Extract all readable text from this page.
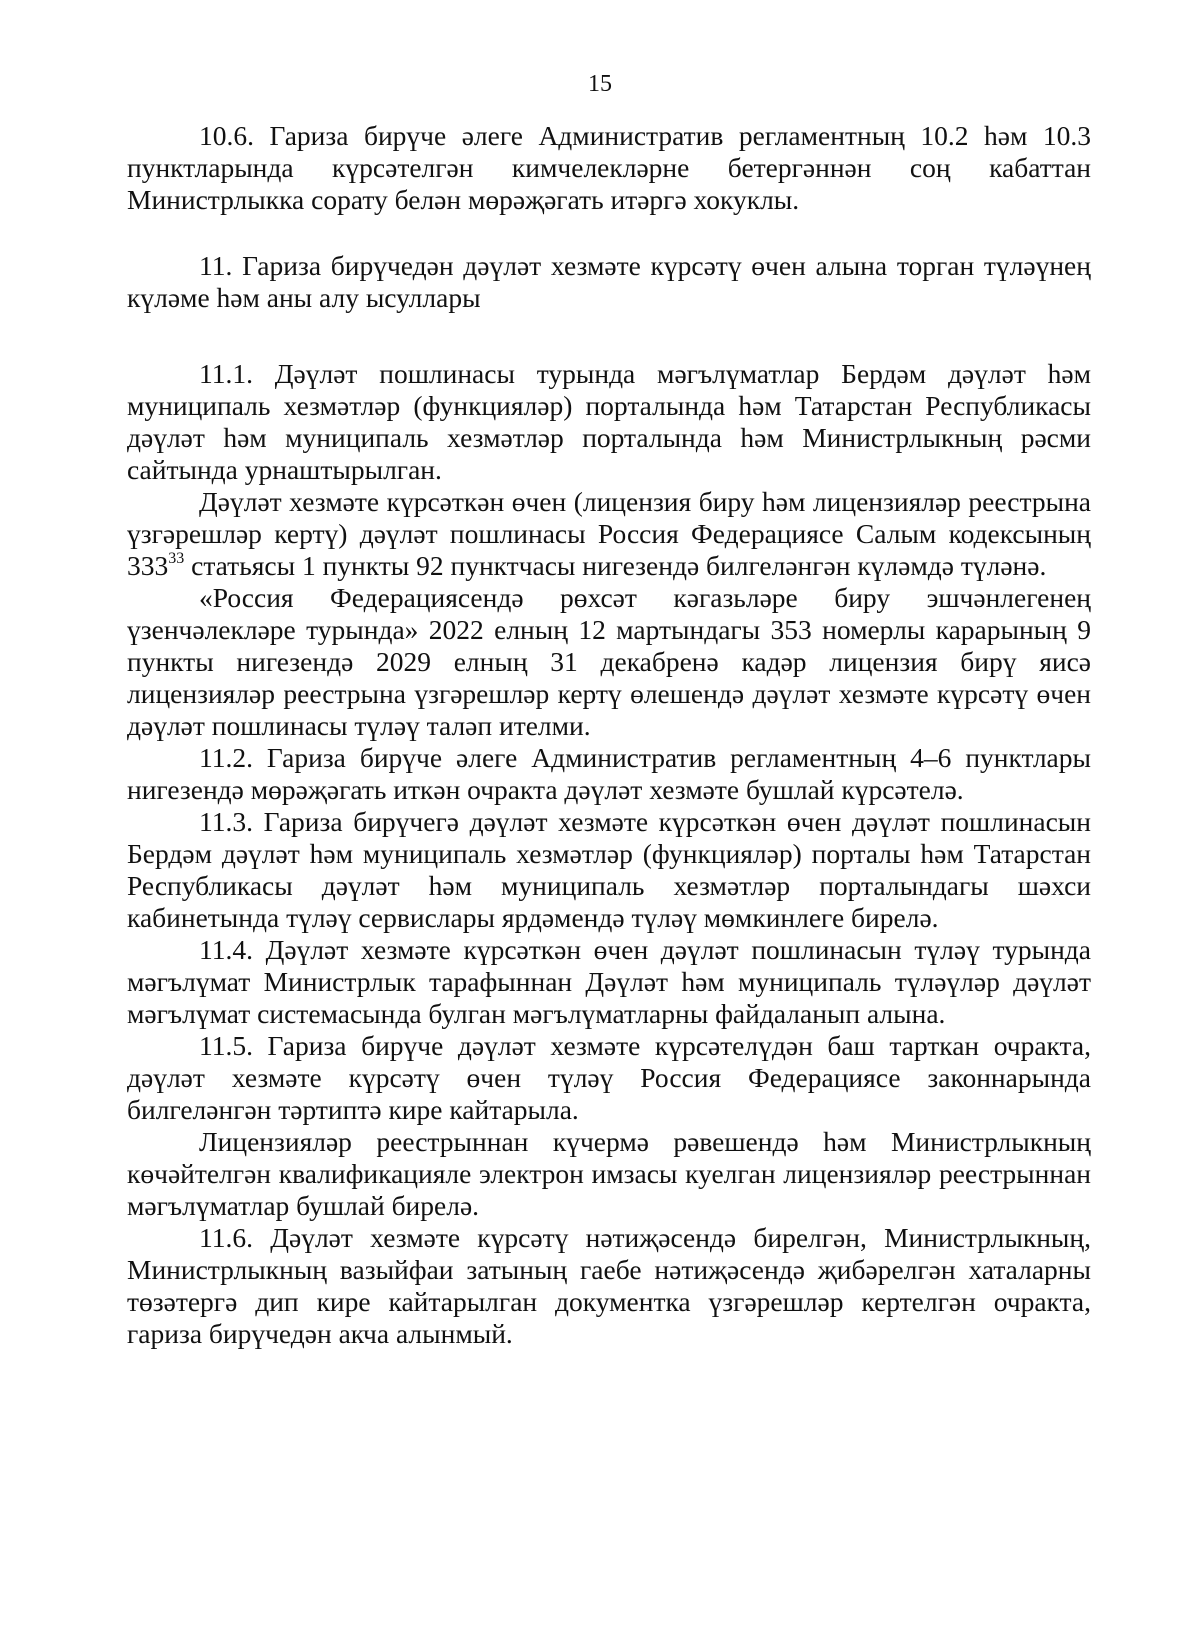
15

10.6. Гариза бирүче әлеге Административ регламентның 10.2 һәм 10.3 пунктларында күрсәтелгән кимчелекләрне бетергәннән соң кабаттан Министрлыкка сорату белән мөрәҗәгать итәргә хокуклы.

11. Гариза бирүчедән дәүләт хезмәте күрсәтү өчен алына торган түләүнең күләме һәм аны алу ысуллары

11.1. Дәүләт пошлинасы турында мәгълүматлар Бердәм дәүләт һәм муниципаль хезмәтләр (функцияләр) порталында һәм Татарстан Республикасы дәүләт һәм муниципаль хезмәтләр порталында һәм Министрлыкның рәсми сайтында урнаштырылган.

Дәүләт хезмәте күрсәткән өчен (лицензия биру һәм лицензияләр реестрына үзгәрешләр кертү) дәүләт пошлинасы Россия Федерациясе Салым кодексының $333^{33}$ статьясы 1 пункты 92 пунктчасы нигезендә билгеләнгән күләмдә түләнә.

«Россия Федерациясендә рөхсәт кәгазьләре биру эшчәнлегенең үзенчәлекләре турында» 2022 елның 12 мартындагы 353 номерлы карарының 9 пункты нигезендә 2029 елның 31 декабренә кадәр лицензия бирү яисә лицензияләр реестрына үзгәрешләр кертү өлешендә дәүләт хезмәте күрсәтү өчен дәүләт пошлинасы түләү таләп ителми.

11.2. Гариза бирүче әлеге Административ регламентның 4–6 пунктлары нигезендә мөрәҗәгать иткән очракта дәүләт хезмәте бушлай күрсәтелә.

11.3. Гариза бирүчегә дәүләт хезмәте күрсәткән өчен дәүләт пошлинасын Бердәм дәүләт һәм муниципаль хезмәтләр (функцияләр) порталы һәм Татарстан Республикасы дәүләт һәм муниципаль хезмәтләр порталындагы шәхси кабинетында түләү сервислары ярдәмендә түләү мөмкинлеге бирелә.

11.4. Дәүләт хезмәте күрсәткән өчен дәүләт пошлинасын түләү турында мәгълүмат Министрлык тарафыннан Дәүләт һәм муниципаль түләүләр дәүләт мәгълүмат системасында булган мәгълүматларны файдаланып алына.

11.5. Гариза бирүче дәүләт хезмәте күрсәтелүдән баш тарткан очракта, дәүләт хезмәте күрсәтү өчен түләү Россия Федерациясе законнарында билгеләнгән тәртиптә кире кайтарыла.

Лицензияләр реестрыннан күчермә рәвешендә һәм Министрлыкның көчәйтелгән квалификацияле электрон имзасы куелган лицензияләр реестрыннан мәгълүматлар бушлай бирелә.

11.6. Дәүләт хезмәте күрсәтү нәтиҗәсендә бирелгән, Министрлыкның, Министрлыкның вазыйфаи затының гаебе нәтиҗәсендә җибәрелгән хаталарны төзәтергә дип кире кайтарылган документка үзгәрешләр кертелгән очракта, гариза бирүчедән акча алынмый.
